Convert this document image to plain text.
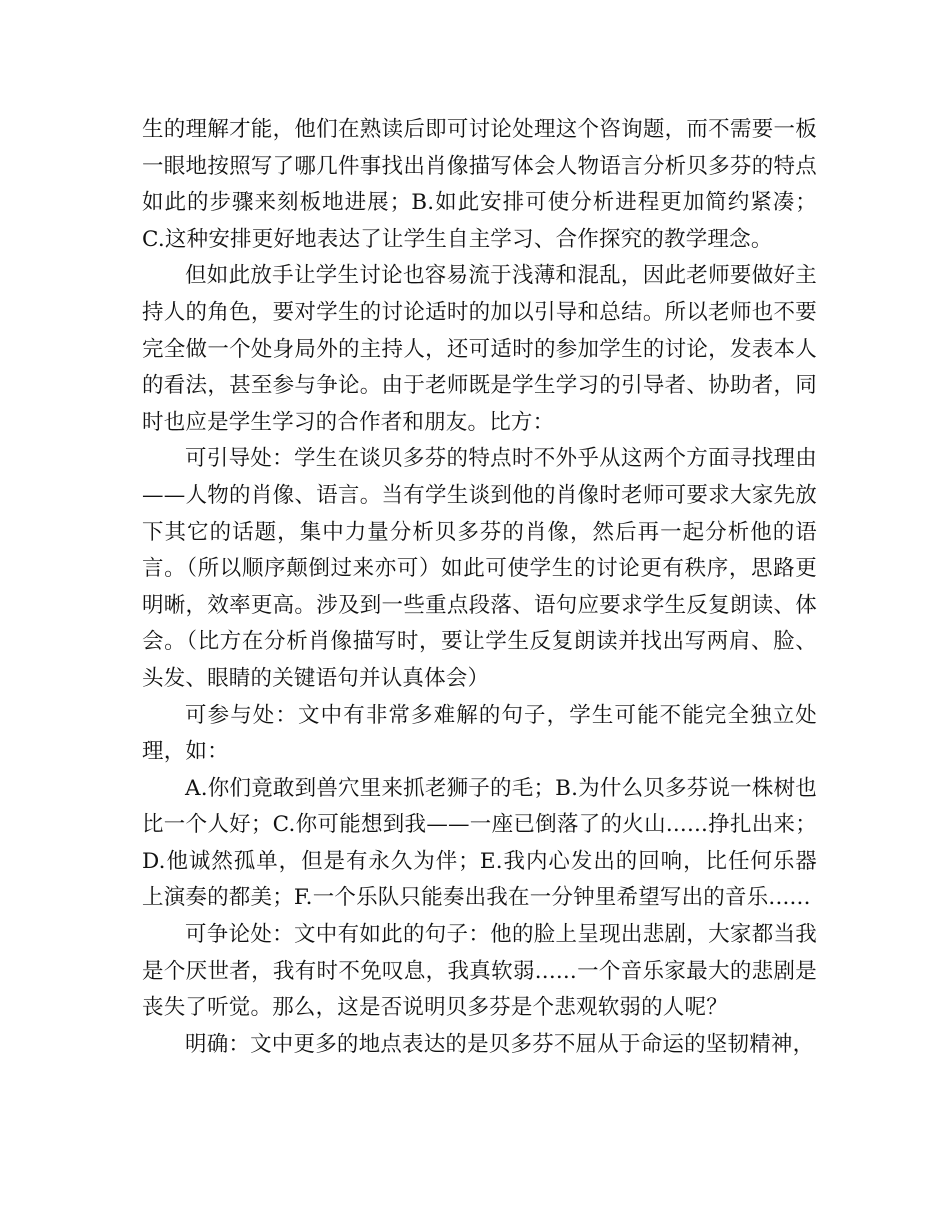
生的理解才能，他们在熟读后即可讨论处理这个咨询题，而不需要一板一眼地按照写了哪几件事找出肖像描写体会人物语言分析贝多芬的特点如此的步骤来刻板地进展；B.如此安排可使分析进程更加简约紧凑；C.这种安排更好地表达了让学生自主学习、合作探究的教学理念。

但如此放手让学生讨论也容易流于浅薄和混乱，因此老师要做好主持人的角色，要对学生的讨论适时的加以引导和总结。所以老师也不要完全做一个处身局外的主持人，还可适时的参加学生的讨论，发表本人的看法，甚至参与争论。由于老师既是学生学习的引导者、协助者，同时也应是学生学习的合作者和朋友。比方：

可引导处：学生在谈贝多芬的特点时不外乎从这两个方面寻找理由——人物的肖像、语言。当有学生谈到他的肖像时老师可要求大家先放下其它的话题，集中力量分析贝多芬的肖像，然后再一起分析他的语言。（所以顺序颠倒过来亦可）如此可使学生的讨论更有秩序，思路更明晰，效率更高。涉及到一些重点段落、语句应要求学生反复朗读、体会。（比方在分析肖像描写时，要让学生反复朗读并找出写两肩、脸、头发、眼睛的关键语句并认真体会）

可参与处：文中有非常多难解的句子，学生可能不能完全独立处理，如：

A.你们竟敢到兽穴里来抓老狮子的毛；B.为什么贝多芬说一株树也比一个人好；C.你可能想到我——一座已倒落了的火山......挣扎出来；D.他诚然孤单，但是有永久为伴；E.我内心发出的回响，比任何乐器上演奏的都美；F.一个乐队只能奏出我在一分钟里希望写出的音乐......

可争论处：文中有如此的句子：他的脸上呈现出悲剧，大家都当我是个厌世者，我有时不免叹息，我真软弱......一个音乐家最大的悲剧是丧失了听觉。那么，这是否说明贝多芬是个悲观软弱的人呢？

明确：文中更多的地点表达的是贝多芬不屈从于命运的坚韧精神，
